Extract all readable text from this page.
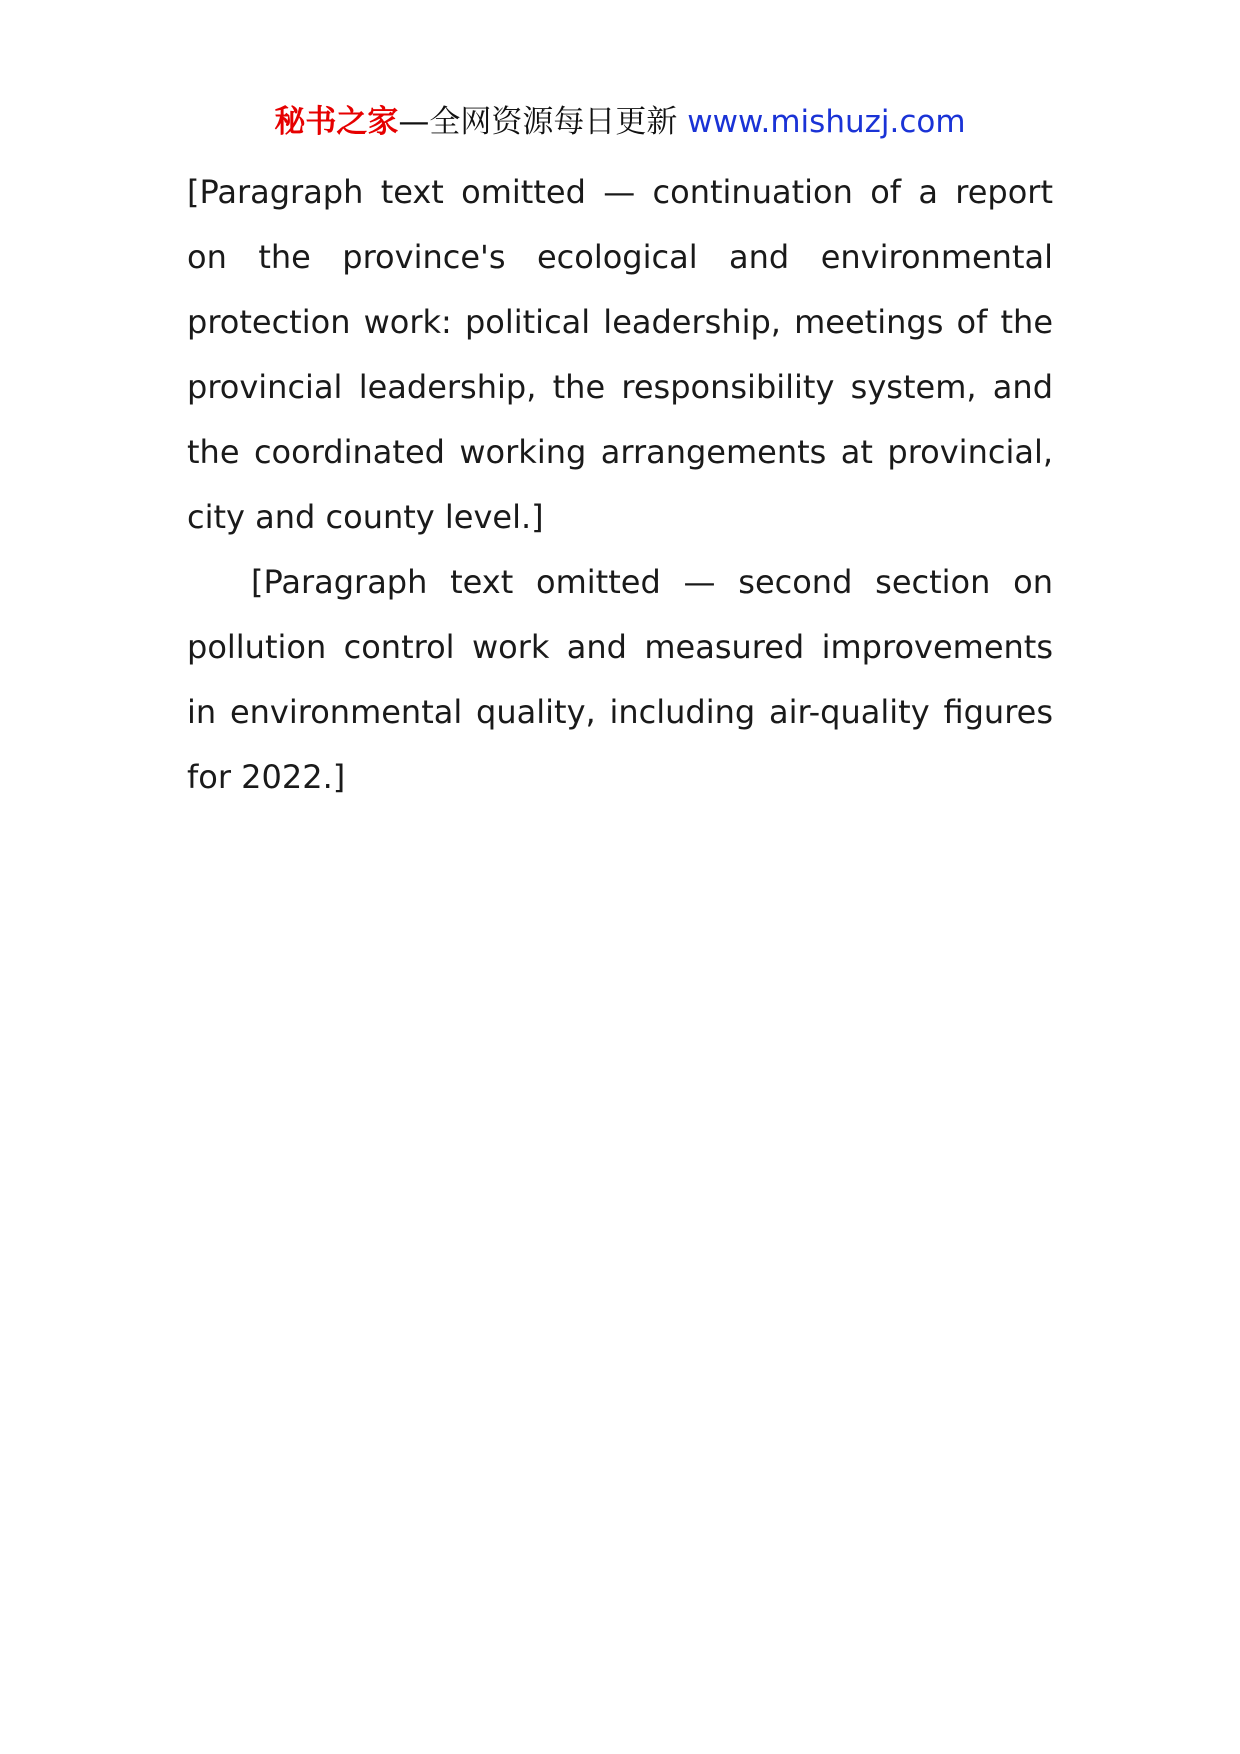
秘书之家—全网资源每日更新 www.mishuzj.com

[Paragraph text omitted — continuation of a report on the province's ecological and environmental protection work: political leadership, meetings of the provincial leadership, the responsibility system, and the coordinated working arrangements at provincial, city and county level.]

[Paragraph text omitted — second section on pollution control work and measured improvements in environmental quality, including air-quality figures for 2022.]
